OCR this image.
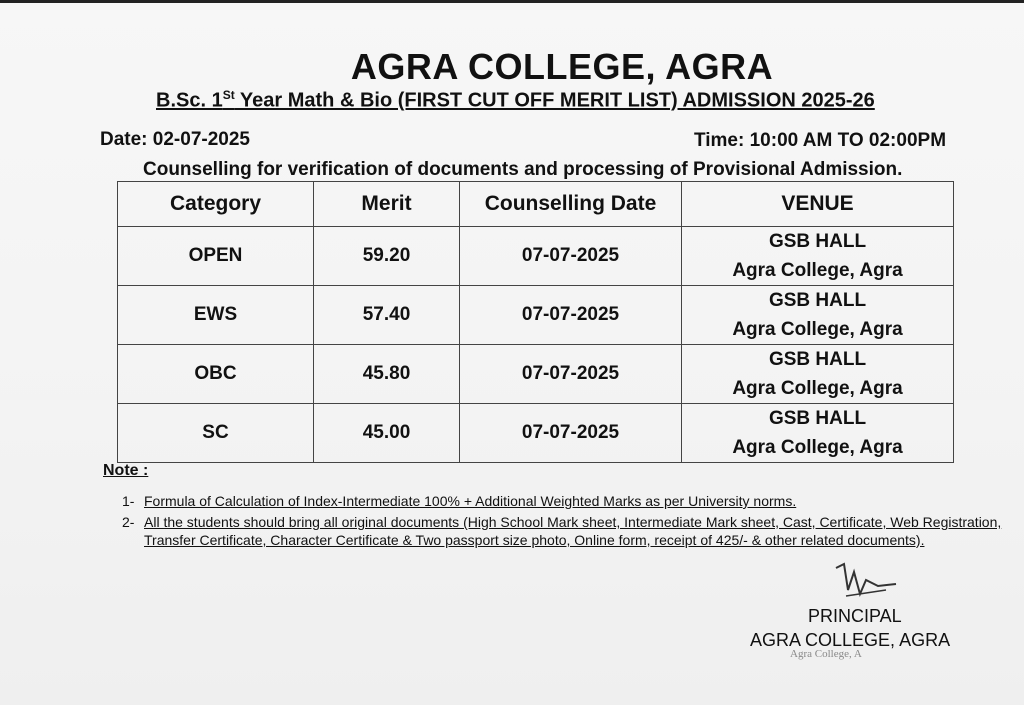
AGRA COLLEGE, AGRA
B.Sc. 1St Year Math & Bio (FIRST CUT OFF MERIT LIST) ADMISSION 2025-26
Date: 02-07-2025	Time: 10:00 AM TO 02:00PM
Counselling for verification of documents and processing of Provisional Admission.
Category	Merit	Counselling Date	VENUE
OPEN	59.20	07-07-2025	GSB HALL
Agra College, Agra

EWS	57.40	07-07-2025	GSB HALL
Agra College, Agra

OBC	45.80	07-07-2025	GSB HALL
Agra College, Agra

SC	45.00	07-07-2025	GSB HALL
Agra College, Agra
Note :
1- Formula of Calculation of Index-Intermediate 100% + Additional Weighted Marks as per University norms.
2- All the students should bring all original documents (High School Mark sheet, Intermediate Mark sheet, Cast, Certificate, Web Registration, Transfer Certificate, Character Certificate & Two passport size photo, Online form, receipt of 425/- & other related documents).
PRINCIPAL
AGRA COLLEGE, AGRA
Agra College, A
